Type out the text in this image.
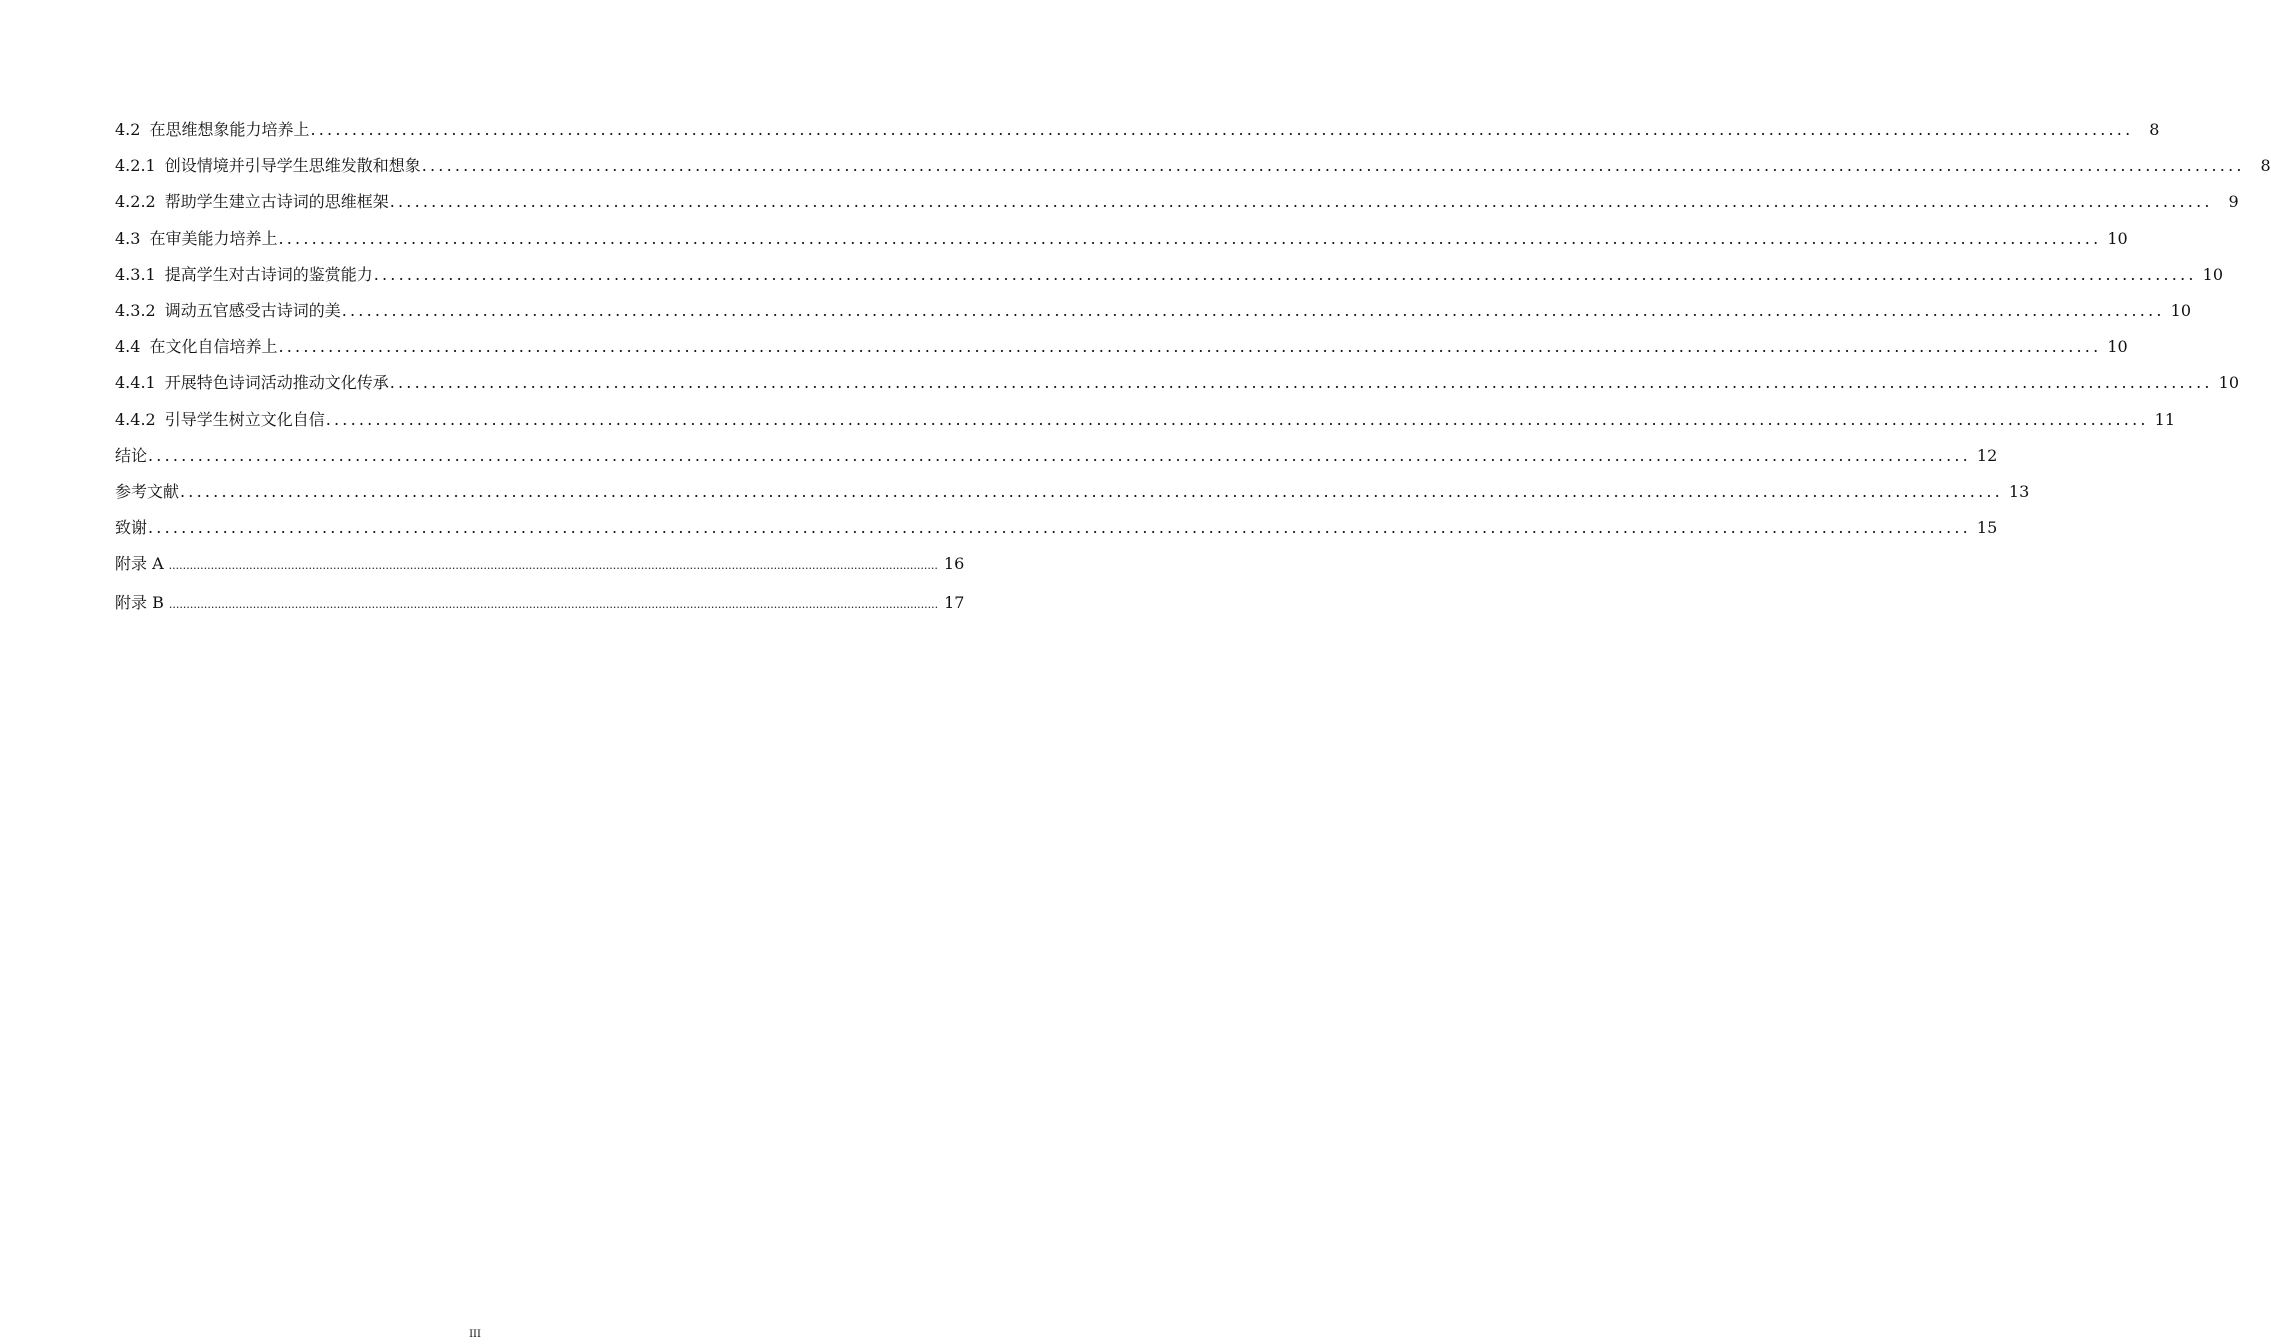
4.2 在思维想象能力培养上 ............................................................................................................................................................................................................................ 8
4.2.1 创设情境并引导学生思维发散和想象 ............................................................................................................................................................................................................................ 8
4.2.2 帮助学生建立古诗词的思维框架 ............................................................................................................................................................................................................................ 9
4.3 在审美能力培养上 ............................................................................................................................................................................................................................ 10
4.3.1 提高学生对古诗词的鉴赏能力 ............................................................................................................................................................................................................................ 10
4.3.2 调动五官感受古诗词的美 ............................................................................................................................................................................................................................ 10
4.4 在文化自信培养上 ............................................................................................................................................................................................................................ 10
4.4.1 开展特色诗词活动推动文化传承 ............................................................................................................................................................................................................................ 10
4.4.2 引导学生树立文化自信 ............................................................................................................................................................................................................................ 11
结论 ............................................................................................................................................................................................................................ 12
参考文献 ............................................................................................................................................................................................................................ 13
致谢 ............................................................................................................................................................................................................................ 15
附录 A ............................................................................................................................................................................................................................ 16
附录 B ............................................................................................................................................................................................................................ 17
III
